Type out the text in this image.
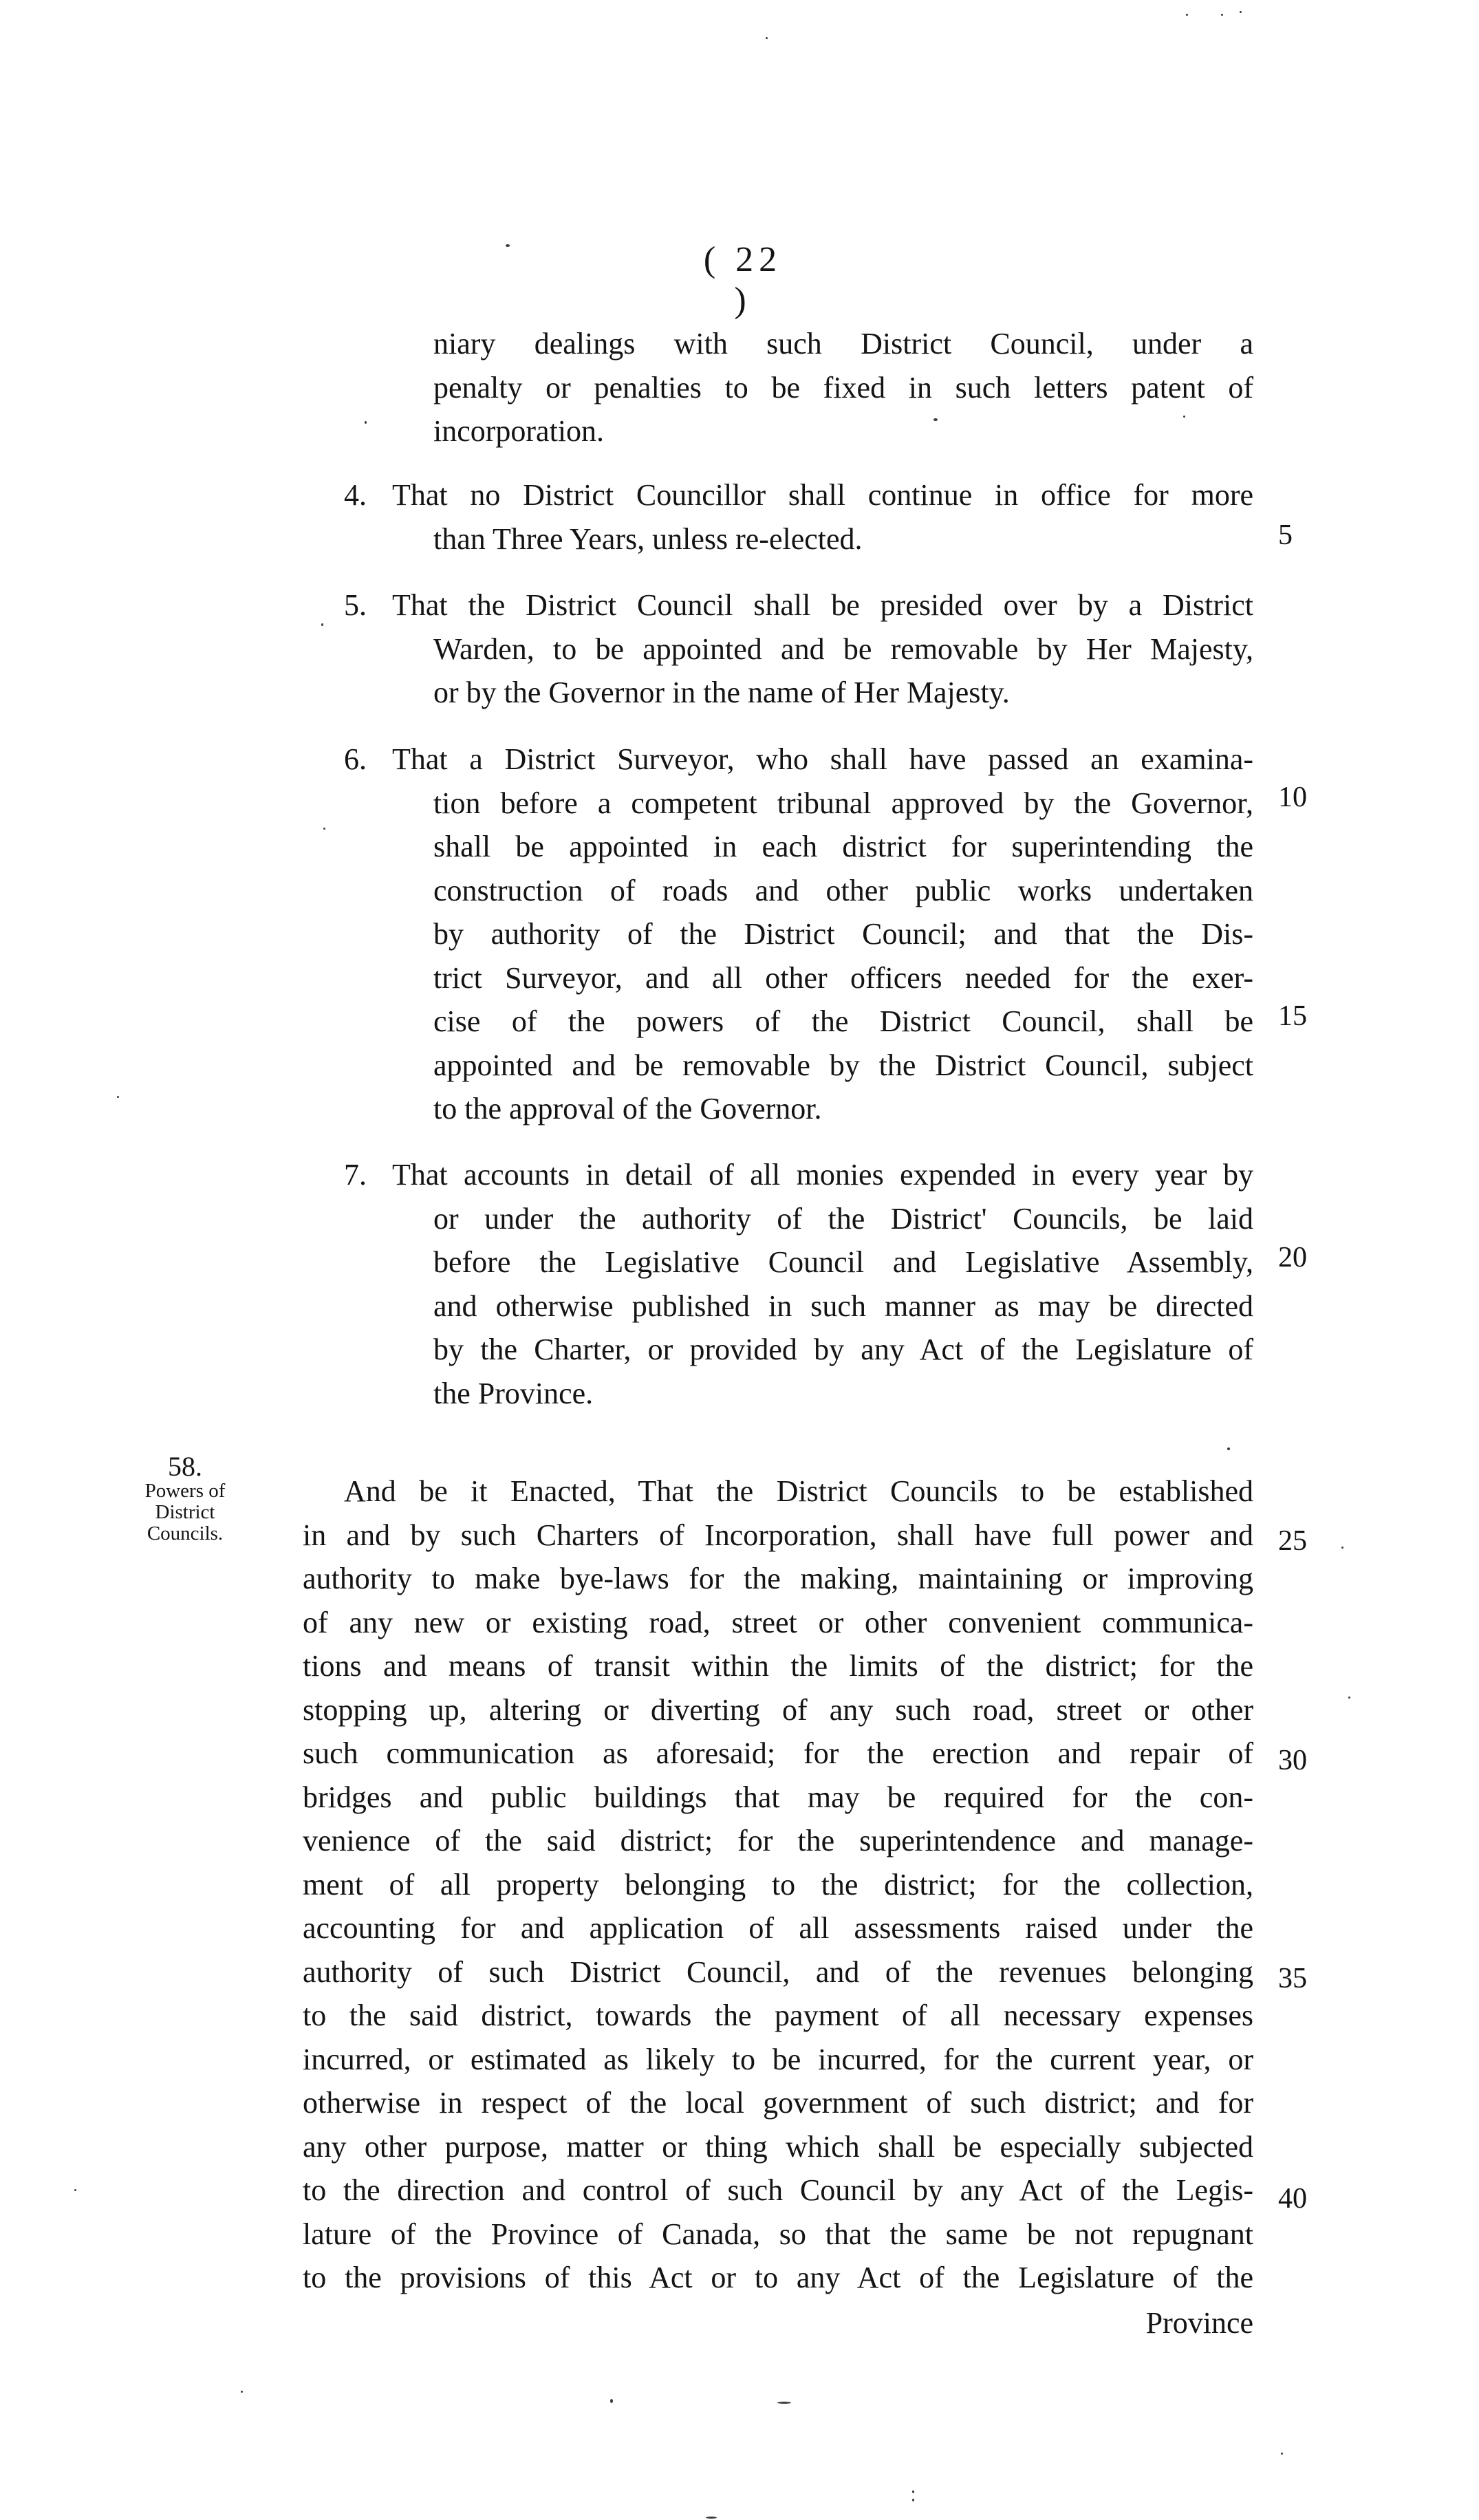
( 22 )
niary dealings with such District Council, under a
penalty or penalties to be fixed in such letters patent of
incorporation.
4. That no District Councillor shall continue in office for more
than Three Years, unless re-elected.
5. That the District Council shall be presided over by a District
Warden, to be appointed and be removable by Her Majesty,
or by the Governor in the name of Her Majesty.
6. That a District Surveyor, who shall have passed an examina-
tion before a competent tribunal approved by the Governor,
shall be appointed in each district for superintending the
construction of roads and other public works undertaken
by authority of the District Council; and that the Dis-
trict Surveyor, and all other officers needed for the exer-
cise of the powers of the District Council, shall be
appointed and be removable by the District Council, subject
to the approval of the Governor.
7. That accounts in detail of all monies expended in every year by
or under the authority of the District' Councils, be laid
before the Legislative Council and Legislative Assembly,
and otherwise published in such manner as may be directed
by the Charter, or provided by any Act of the Legislature of
the Province.
5
10
15
20
25
30
35
40
58.
Powers of
District
Councils.
And be it Enacted, That the District Councils to be established
in and by such Charters of Incorporation, shall have full power and
authority to make bye-laws for the making, maintaining or improving
of any new or existing road, street or other convenient communica-
tions and means of transit within the limits of the district; for the
stopping up, altering or diverting of any such road, street or other
such communication as aforesaid; for the erection and repair of
bridges and public buildings that may be required for the con-
venience of the said district; for the superintendence and manage-
ment of all property belonging to the district; for the collection,
accounting for and application of all assessments raised under the
authority of such District Council, and of the revenues belonging
to the said district, towards the payment of all necessary expenses
incurred, or estimated as likely to be incurred, for the current year, or
otherwise in respect of the local government of such district; and for
any other purpose, matter or thing which shall be especially subjected
to the direction and control of such Council by any Act of the Legis-
lature of the Province of Canada, so that the same be not repugnant
to the provisions of this Act or to any Act of the Legislature of the
Province
